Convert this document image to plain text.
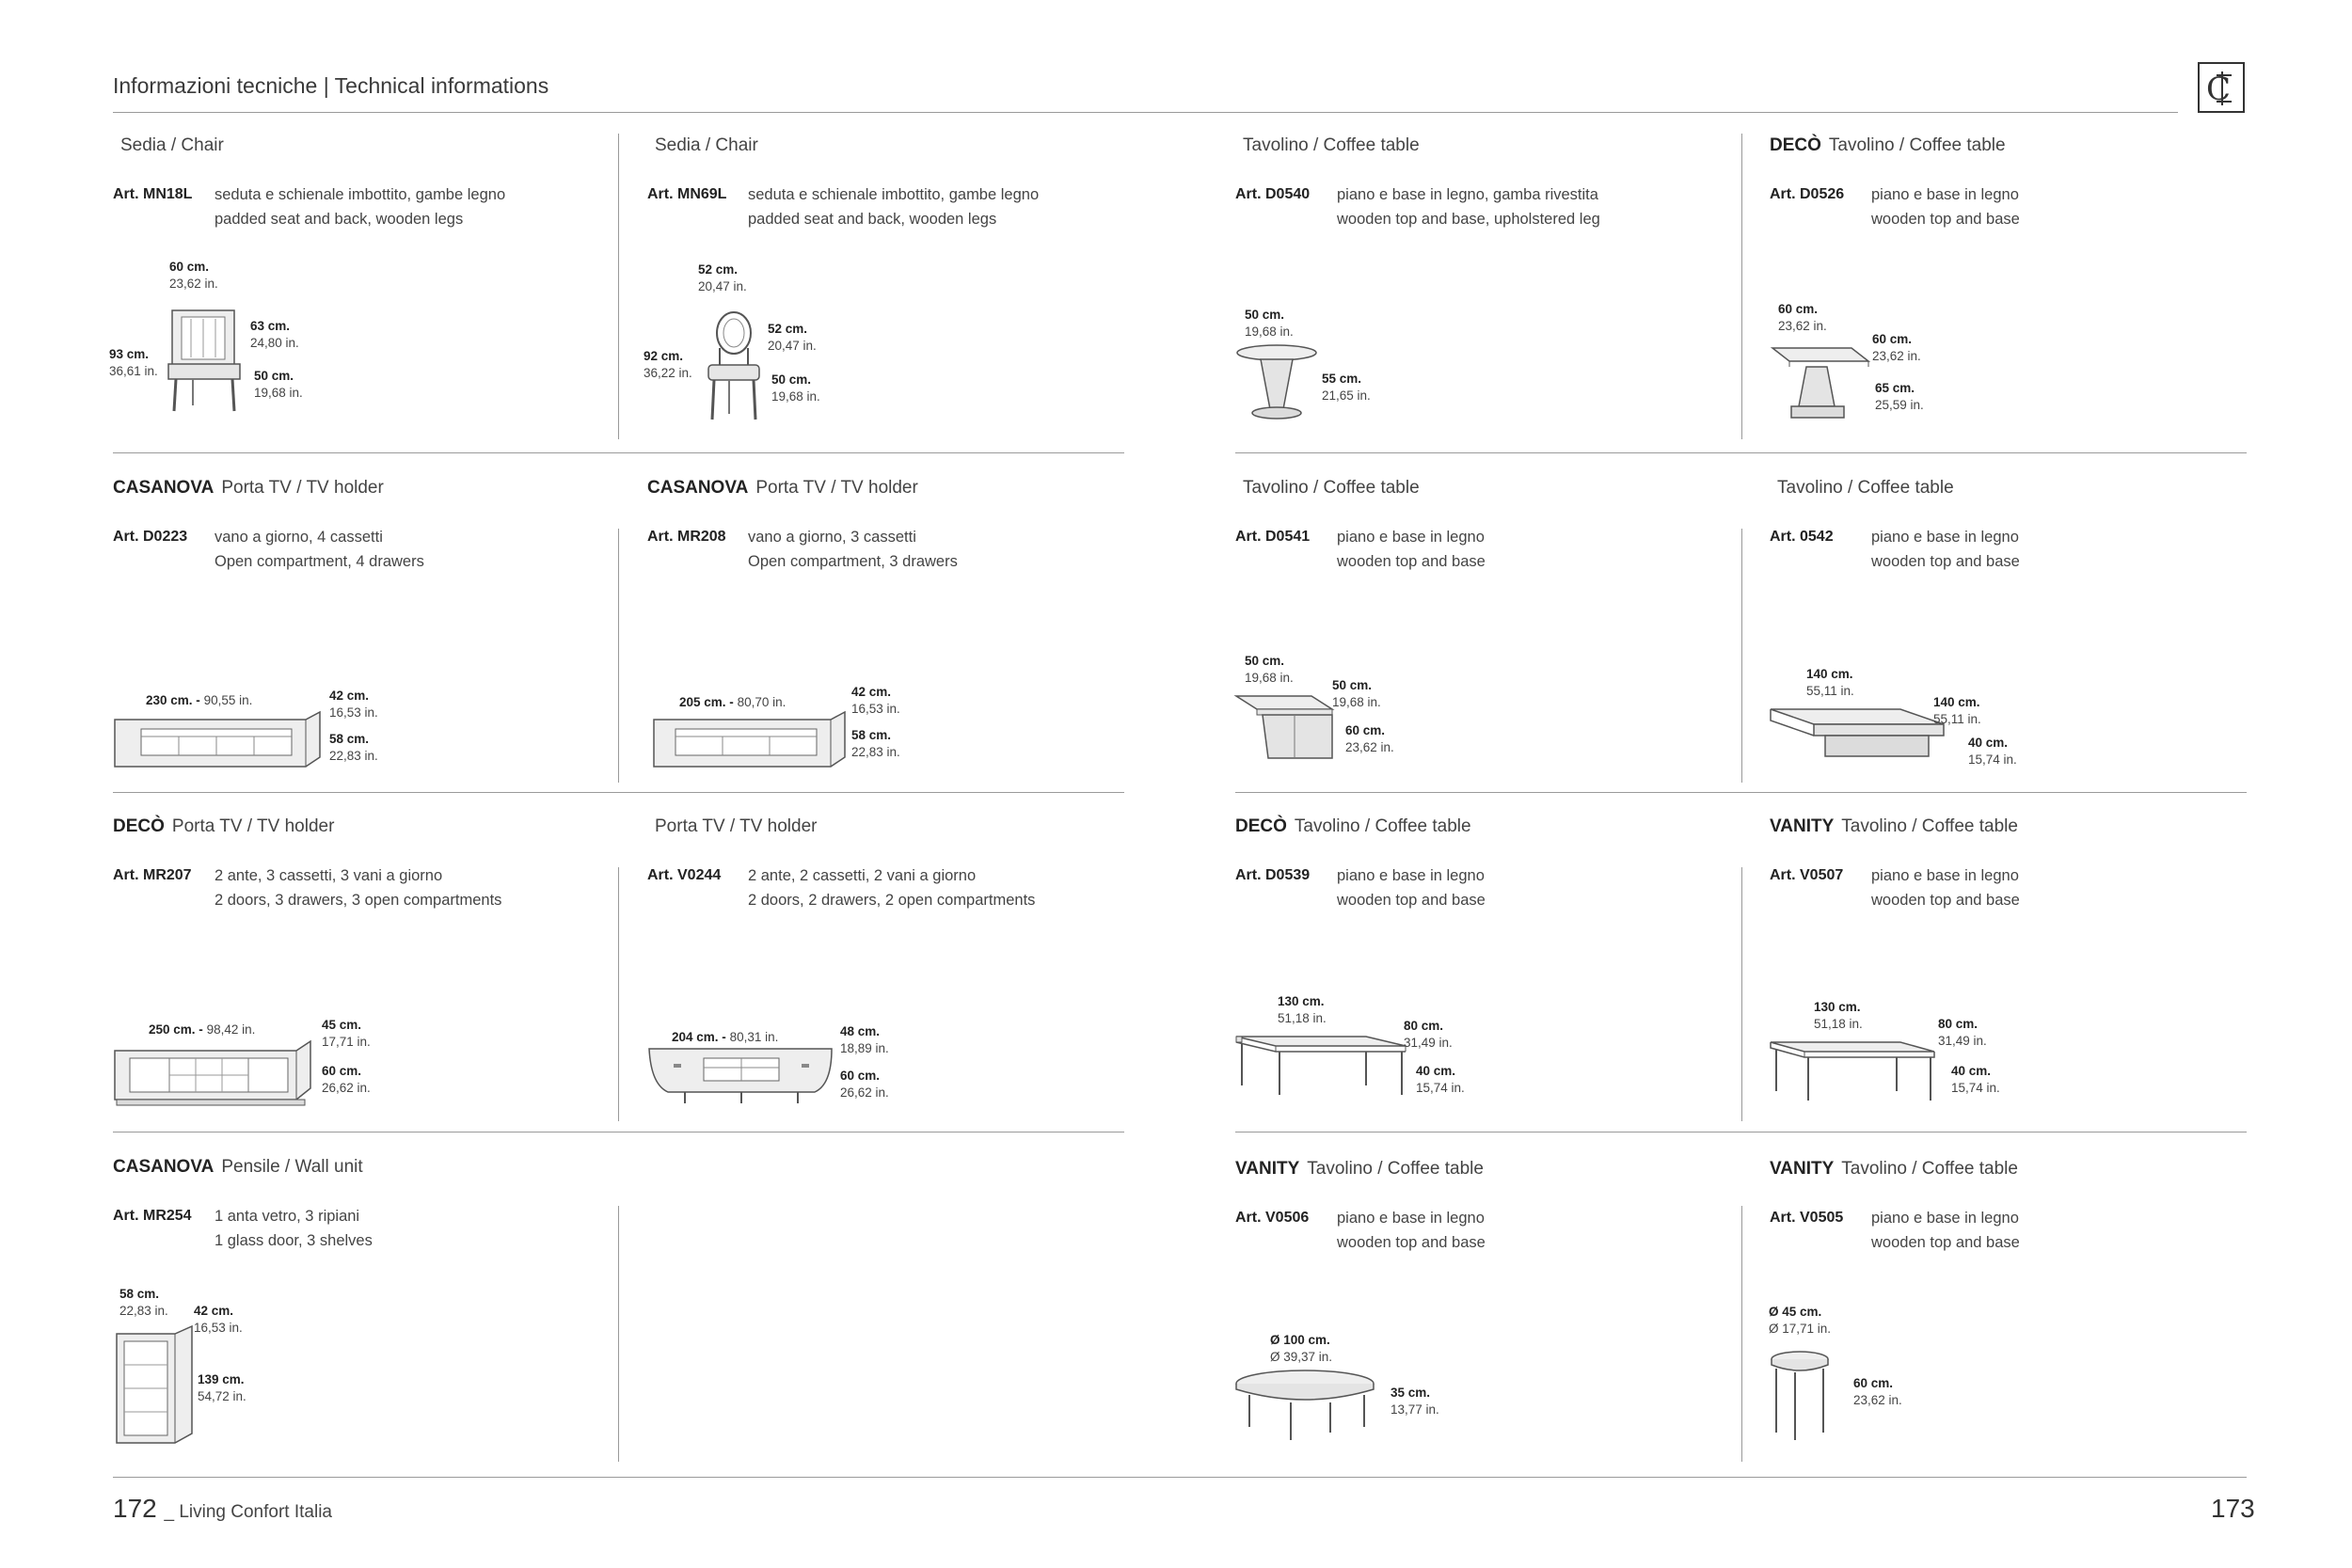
Informazioni tecniche | Technical informations	C
Sedia / Chair
Art. MN18L seduta e schienale imbottito, gambe legno
padded seat and back, wooden legs
60 cm.
23,62 in.
63 cm.
24,80 in.
93 cm.
36,61 in.	50 cm.
19,68 in.
Sedia / Chair
Art. MN69L seduta e schienale imbottito, gambe legno
padded seat and back, wooden legs
52 cm.
20,47 in.
52 cm.
20,47 in.
92 cm.
36,22 in.	50 cm.
19,68 in.
Tavolino / Coffee table
Art. D0540 piano e base in legno, gamba rivestita
wooden top and base, upholstered leg
50 cm.
19,68 in.
55 cm.
21,65 in.
DECÒ Tavolino / Coffee table
Art. D0526 piano e base in legno
wooden top and base
60 cm.
23,62 in.
60 cm.
23,62 in.
65 cm.
25,59 in.
CASANOVA Porta TV / TV holder
Art. D0223 vano a giorno, 4 cassetti
Open compartment, 4 drawers
230 cm. - 90,55 in.	42 cm.
16,53 in.
58 cm.
22,83 in.
CASANOVA Porta TV / TV holder
Art. MR208 vano a giorno, 3 cassetti
Open compartment, 3 drawers
205 cm. - 80,70 in.
42 cm.
16,53 in.
58 cm.
22,83 in.
Tavolino / Coffee table
Art. D0541 piano e base in legno
wooden top and base
50 cm.
19,68 in.
50 cm.
19,68 in.
60 cm.
23,62 in.
Tavolino / Coffee table
Art. 0542 piano e base in legno
wooden top and base
140 cm.
55,11 in.
140 cm.
55,11 in.
40 cm.
15,74 in.
DECÒ Porta TV / TV holder
Art. MR207 2 ante, 3 cassetti, 3 vani a giorno
2 doors, 3 drawers, 3 open compartments
250 cm. - 98,42 in.	45 cm.
17,71 in.
60 cm.
26,62 in.
Porta TV / TV holder
Art. V0244 2 ante, 2 cassetti, 2 vani a giorno
2 doors, 2 drawers, 2 open compartments
204 cm. - 80,31 in.	48 cm.
18,89 in.
60 cm.
26,62 in.
DECÒ Tavolino / Coffee table
Art. D0539 piano e base in legno
wooden top and base
130 cm.
51,18 in.
80 cm.
31,49 in.
40 cm.
15,74 in.
VANITY Tavolino / Coffee table
Art. V0507 piano e base in legno
wooden top and base
130 cm.
51,18 in.	80 cm.
31,49 in.
40 cm.
15,74 in.
CASANOVA Pensile / Wall unit
Art. MR254 1 anta vetro, 3 ripiani
1 glass door, 3 shelves
58 cm.
22,83 in. 42 cm.
16,53 in.
139 cm.
54,72 in.
VANITY Tavolino / Coffee table
Art. V0506 piano e base in legno
wooden top and base
Ø 100 cm.
Ø 39,37 in.
35 cm.
13,77 in.
VANITY Tavolino / Coffee table
Art. V0505 piano e base in legno
wooden top and base
Ø 45 cm.
Ø 17,71 in.
60 cm.
23,62 in.
172 _ Living Confort Italia	173
